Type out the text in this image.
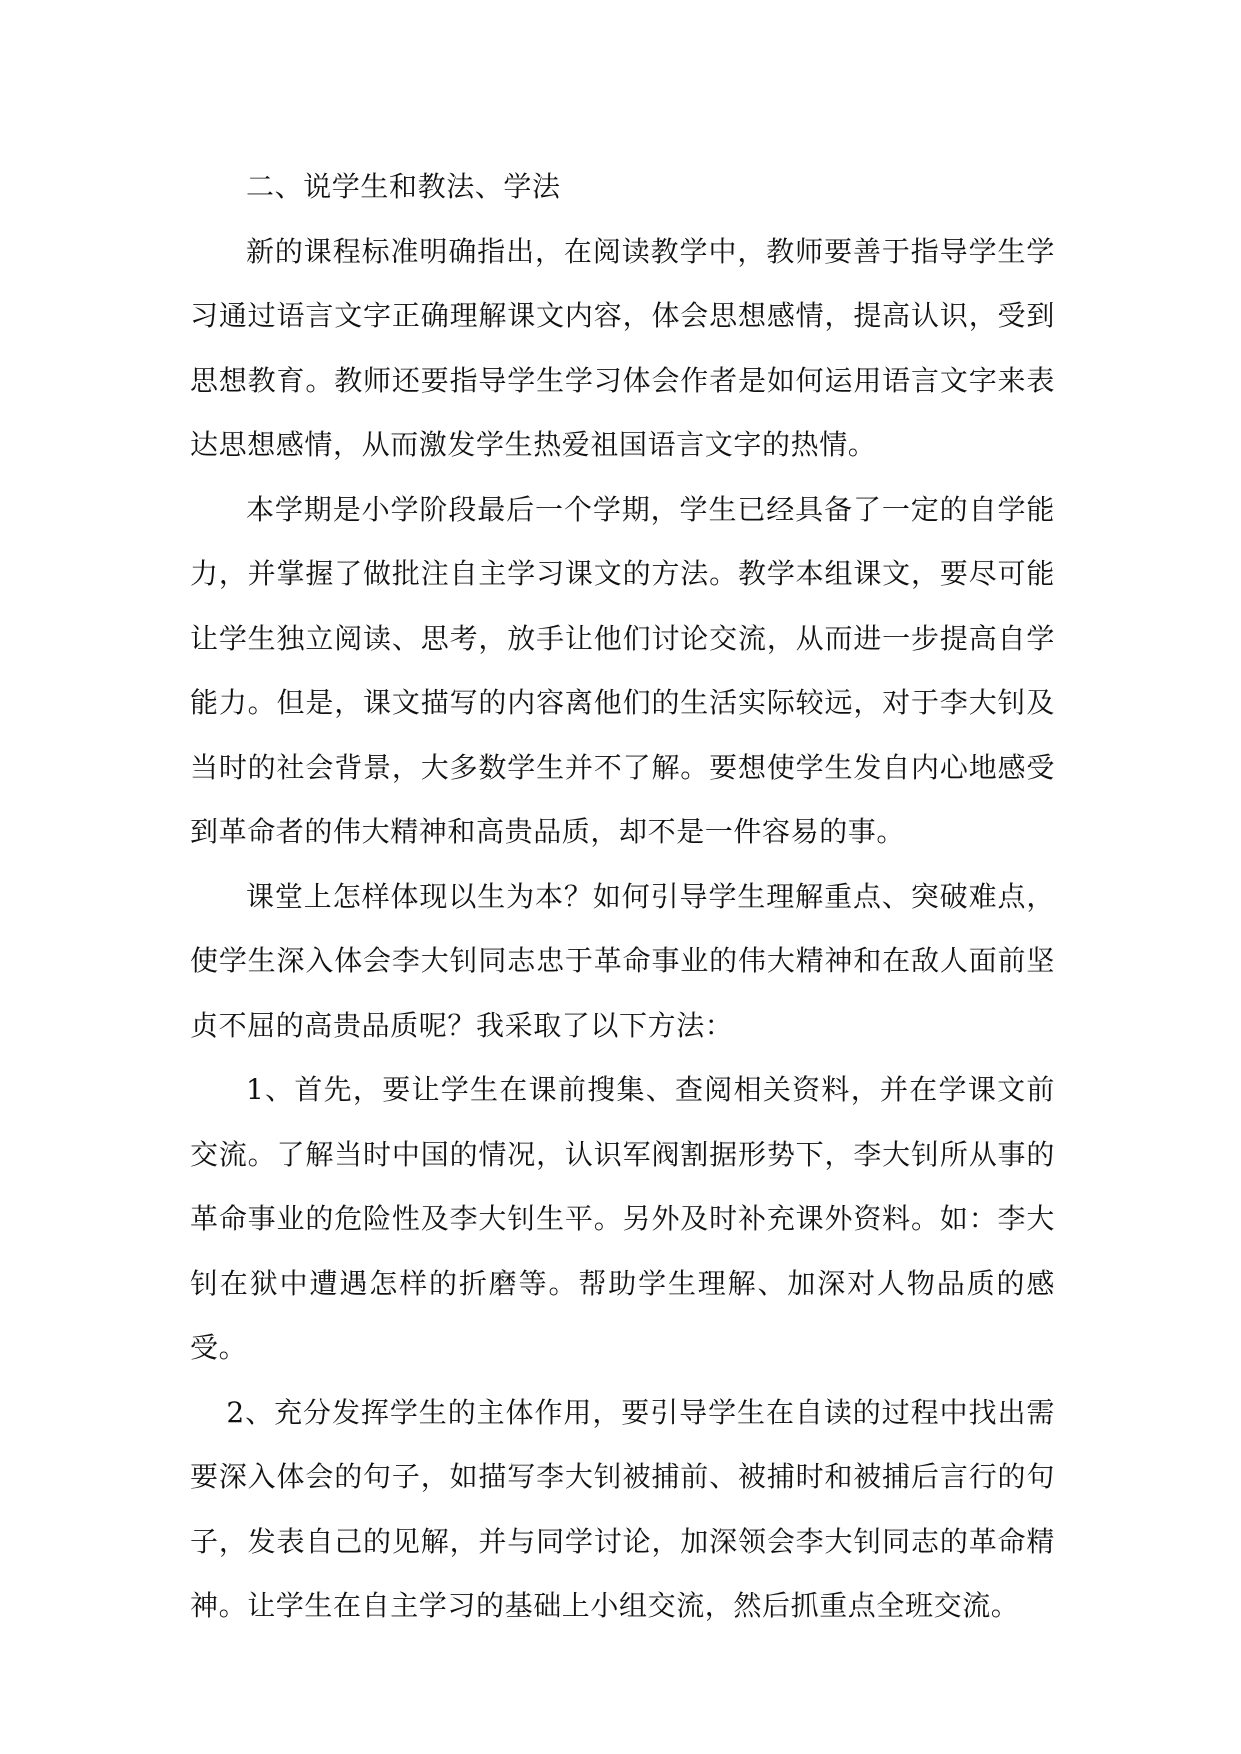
二、说学生和教法、学法

新的课程标准明确指出，在阅读教学中，教师要善于指导学生学习通过语言文字正确理解课文内容，体会思想感情，提高认识，受到思想教育。教师还要指导学生学习体会作者是如何运用语言文字来表达思想感情，从而激发学生热爱祖国语言文字的热情。

本学期是小学阶段最后一个学期，学生已经具备了一定的自学能力，并掌握了做批注自主学习课文的方法。教学本组课文，要尽可能让学生独立阅读、思考，放手让他们讨论交流，从而进一步提高自学能力。但是，课文描写的内容离他们的生活实际较远，对于李大钊及当时的社会背景，大多数学生并不了解。要想使学生发自内心地感受到革命者的伟大精神和高贵品质，却不是一件容易的事。

课堂上怎样体现以生为本？如何引导学生理解重点、突破难点，使学生深入体会李大钊同志忠于革命事业的伟大精神和在敌人面前坚贞不屈的高贵品质呢？我采取了以下方法：

1、首先，要让学生在课前搜集、查阅相关资料，并在学课文前交流。了解当时中国的情况，认识军阀割据形势下，李大钊所从事的革命事业的危险性及李大钊生平。另外及时补充课外资料。如：李大钊在狱中遭遇怎样的折磨等。帮助学生理解、加深对人物品质的感受。

2、充分发挥学生的主体作用，要引导学生在自读的过程中找出需要深入体会的句子，如描写李大钊被捕前、被捕时和被捕后言行的句子，发表自己的见解，并与同学讨论，加深领会李大钊同志的革命精神。让学生在自主学习的基础上小组交流，然后抓重点全班交流。
